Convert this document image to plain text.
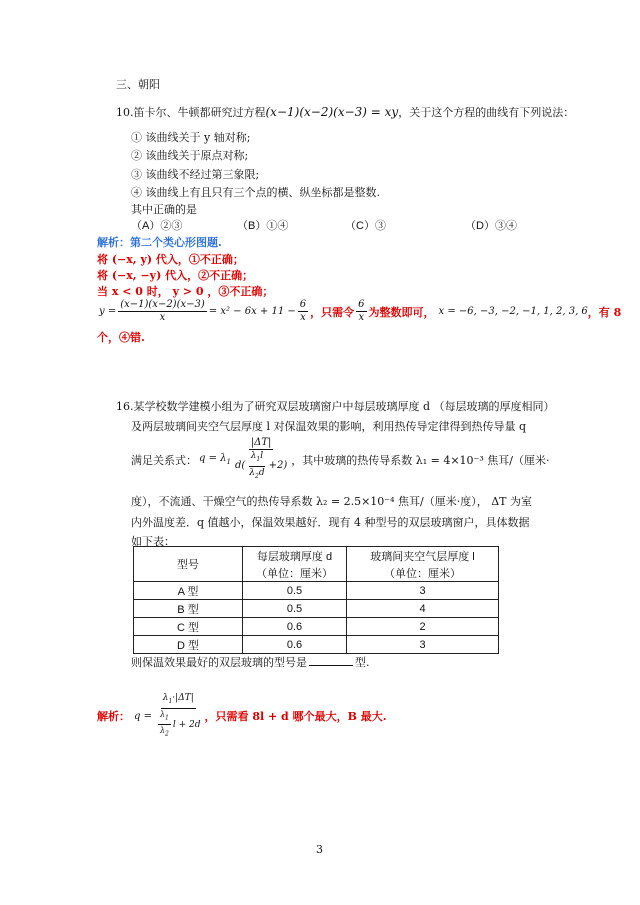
三、朝阳
10.笛卡尔、牛顿都研究过方程(x−1)(x−2)(x−3) = xy，关于这个方程的曲线有下列说法：
① 该曲线关于 y 轴对称;
② 该曲线关于原点对称;
③ 该曲线不经过第三象限;
④ 该曲线上有且只有三个点的横、纵坐标都是整数.
其中正确的是
（A）②③	（B）①④	（C）③	（D）③④
解析：第二个类心形图题.
将 (−x, y) 代入，①不正确；
将 (−x, −y) 代入，②不正确；
当 x < 0 时， y > 0 ，③不正确；
$y = \frac{(x-1)(x-2)(x-3)}{x} = x^2 - 6x + 11 - \frac{6}{x}$ ，只需令 $\frac{6}{x}$ 为整数即可， x = −6, −3, −2, −1, 1, 2, 3, 6 ，有 8
个，④错.
16.某学校数学建模小组为了研究双层玻璃窗户中每层玻璃厚度 d （每层玻璃的厚度相同）
及两层玻璃间夹空气层厚度 l 对保温效果的影响，利用热传导定律得到热传导量 q
满足关系式： $q = \lambda_1 \frac{|\Delta T|}{d( \frac{\lambda_1l}{\lambda_2d} +2)}$ ，其中玻璃的热传导系数 λ₁ = 4×10⁻³ 焦耳/（厘米·
度），不流通、干燥空气的热传导系数 λ₂ = 2.5×10⁻⁴ 焦耳/（厘米·度）， ΔT 为室
内外温度差．q 值越小，保温效果越好．现有 4 种型号的双层玻璃窗户，具体数据
如下表：
型号	每层玻璃厚度 d	玻璃间夹空气层厚度 l
	（单位：厘米）	（单位：厘米）
A 型	0.5	3
B 型	0.5	4
C 型	0.6	2
D 型	0.6	3
则保温效果最好的双层玻璃的型号是	型.
解析： $q = \frac{\lambda_1\cdot|\Delta T|}{\frac{\lambda_1}{\lambda_2} l + 2d}$ ，只需看 8l + d 哪个最大，B 最大.
3
